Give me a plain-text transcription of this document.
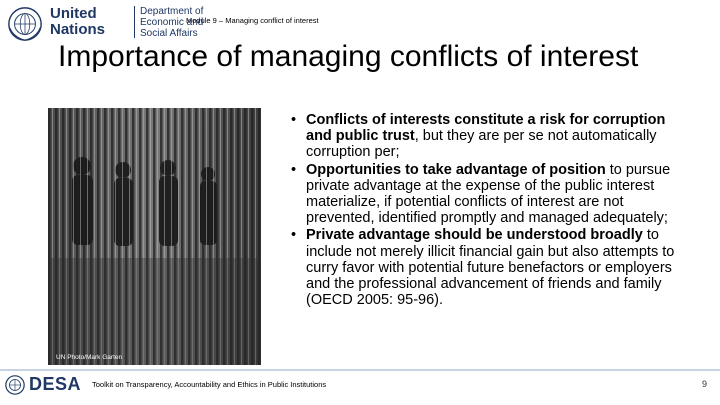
United
Nations
Department of
Economic and
Social Affairs
Module 9 – Managing conflict of interest
Importance of managing conflicts of interest
UN Photo/Mark Garten
• Conflicts of interests constitute a risk for corruption and public trust, but they are per se not automatically corruption per;
• Opportunities to take advantage of position to pursue private advantage at the expense of the public interest materialize, if potential conflicts of interest are not prevented, identified promptly and managed adequately;
• Private advantage should be understood broadly to include not merely illicit financial gain but also attempts to curry favor with potential future benefactors or employers and the professional advancement of friends and family (OECD 2005: 95-96).
DESA Toolkit on Transparency, Accountability and Ethics in Public Institutions	9
